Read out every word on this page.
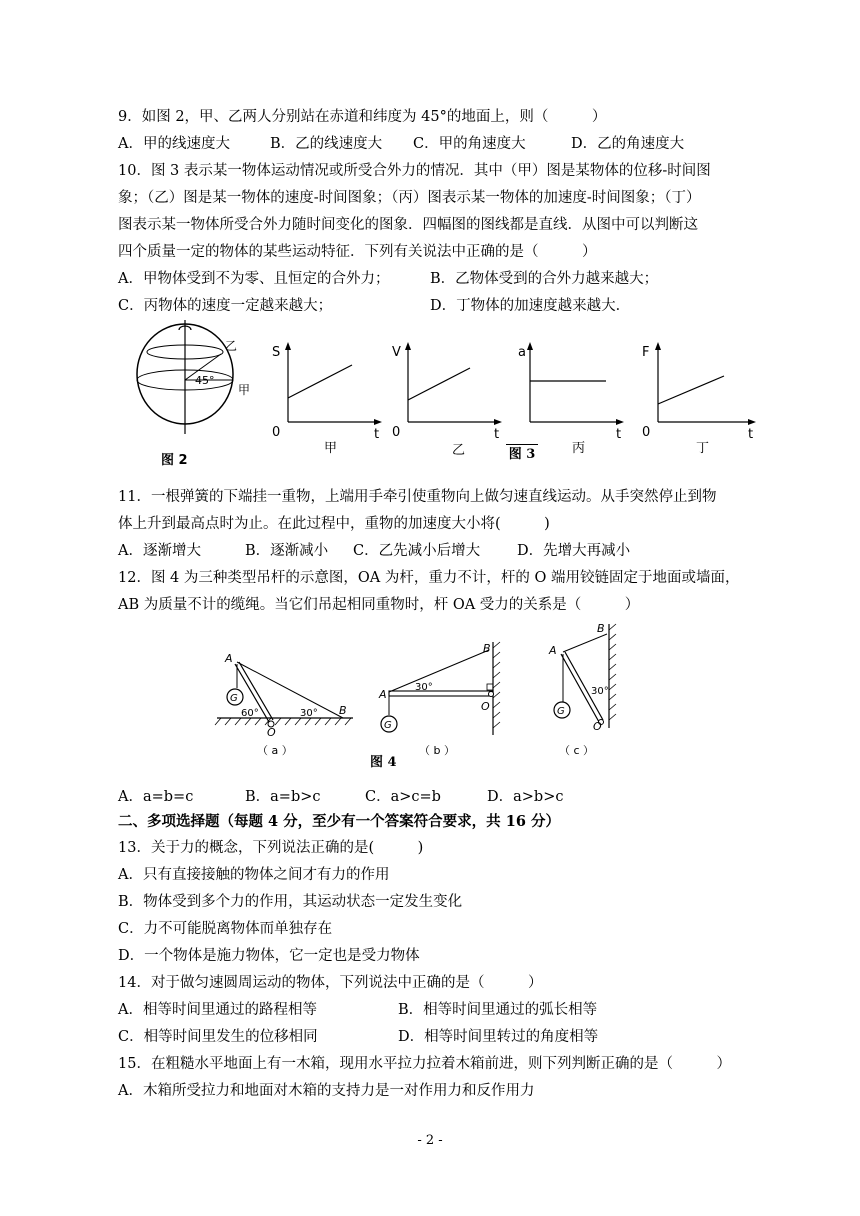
9．如图 2，甲、乙两人分别站在赤道和纬度为 45°的地面上，则（　　　）
A．甲的线速度大	B．乙的线速度大 C．甲的角速度大	D．乙的角速度大
10．图 3 表示某一物体运动情况或所受合外力的情况．其中（甲）图是某物体的位移-时间图
象；（乙）图是某一物体的速度-时间图象；（丙）图表示某一物体的加速度-时间图象；（丁）
图表示某一物体所受合外力随时间变化的图象．四幅图的图线都是直线．从图中可以判断这
四个质量一定的物体的某些运动特征．下列有关说法中正确的是（　　　）
A．甲物体受到不为零、且恒定的合外力；	B．乙物体受到的合外力越来越大；
C．丙物体的速度一定越来越大；	D．丁物体的加速度越来越大．
45°
乙
甲
图 2
S
0	t
甲
V
0	t
乙
a
t
丙
图 3
F
0	t
丁
11．一根弹簧的下端挂一重物，上端用手牵引使重物向上做匀速直线运动。从手突然停止到物
体上升到最高点时为止。在此过程中，重物的加速度大小将(　　　)
A．逐渐增大	B．逐渐减小 C．乙先减小后增大	D．先增大再减小
12．图 4 为三种类型吊杆的示意图，OA 为杆，重力不计，杆的 O 端用铰链固定于地面或墙面，
AB 为质量不计的缆绳。当它们吊起相同重物时，杆 OA 受力的关系是（　　　）
A
G
60°	30°
O
B
（ a ）
A
G
30°
O
B
（ b ）
A
G
30°
O
B
（ c ）
图 4
A．a=b=c	B．a=b>c	C．a>c=b	D．a>b>c
二、多项选择题（每题 4 分，至少有一个答案符合要求，共 16 分）
13．关于力的概念，下列说法正确的是(　　　)
A．只有直接接触的物体之间才有力的作用
B．物体受到多个力的作用，其运动状态一定发生变化
C．力不可能脱离物体而单独存在
D．一个物体是施力物体，它一定也是受力物体
14．对于做匀速圆周运动的物体，下列说法中正确的是（　　　）
A．相等时间里通过的路程相等	B．相等时间里通过的弧长相等
C．相等时间里发生的位移相同	D．相等时间里转过的角度相等
15．在粗糙水平地面上有一木箱，现用水平拉力拉着木箱前进，则下列判断正确的是（　　　）
A．木箱所受拉力和地面对木箱的支持力是一对作用力和反作用力
- 2 -
